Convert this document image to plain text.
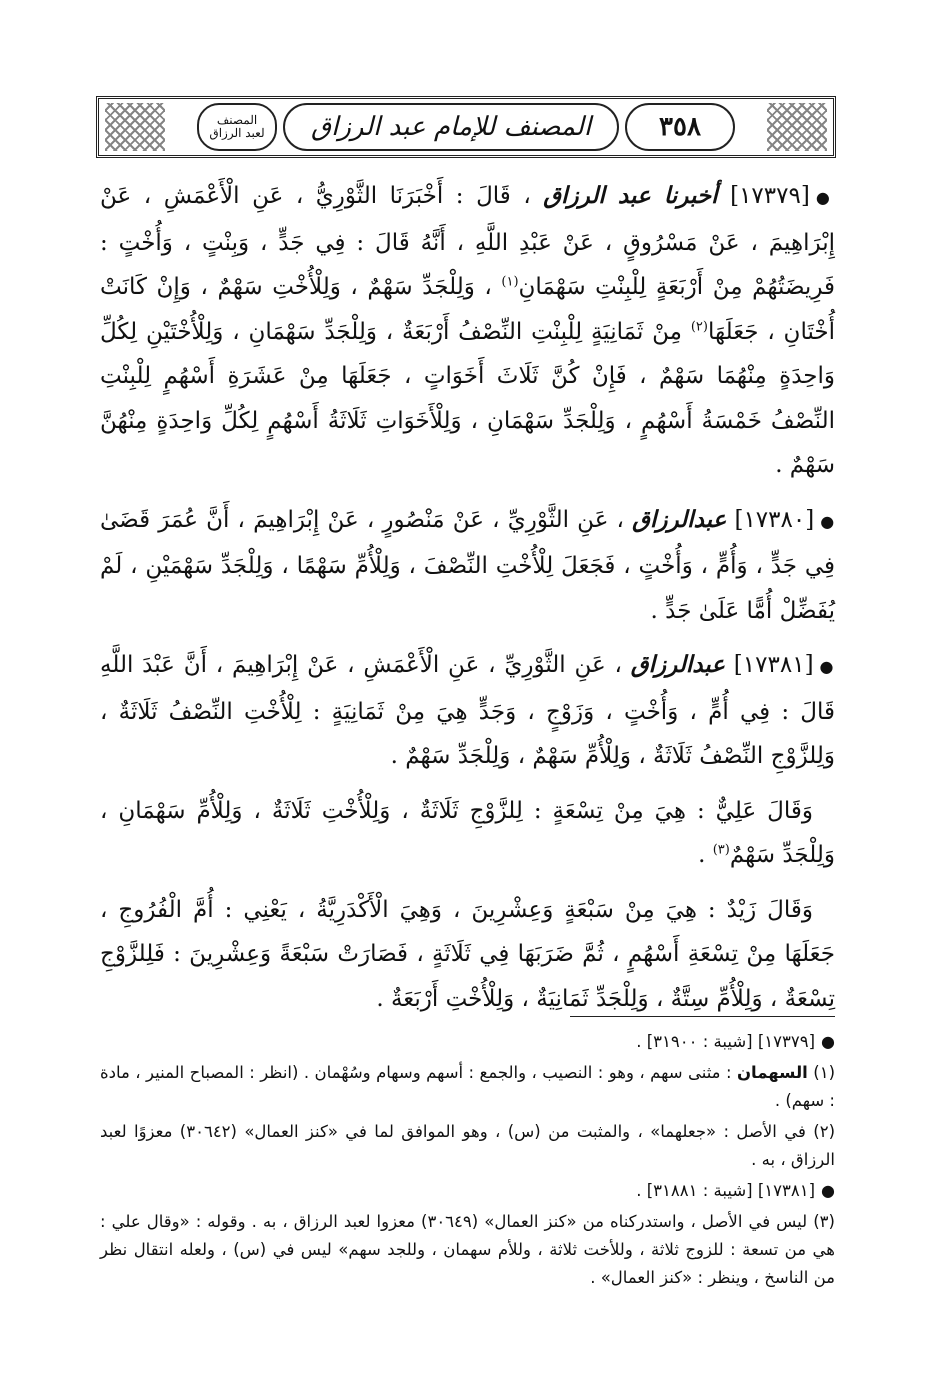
المصنف
لعبد الرزاق المصنف للإمام عبد الرزاق	٣٥٨

●[١٧٣٧٩] أخبرنا عبد الرزاق ، قَالَ : أَخْبَرَنَا الثَّوْرِيُّ ، عَنِ الْأَعْمَشِ ، عَنْ إِبْرَاهِيمَ ، عَنْ مَسْرُوقٍ ، عَنْ عَبْدِ اللَّهِ ، أَنَّهُ قَالَ : فِي جَدٍّ ، وَبِنْتٍ ، وَأُخْتٍ : فَرِيضَتُهُمْ مِنْ أَرْبَعَةٍ لِلْبِنْتِ سَهْمَانِ$^{(١)}$ ، وَلِلْجَدِّ سَهْمٌ ، وَلِلْأُخْتِ سَهْمٌ ، وَإِنْ كَانَتْ أُخْتَانِ ، جَعَلَهَا$^{(٢)}$ مِنْ ثَمَانِيَةٍ لِلْبِنْتِ النِّصْفُ أَرْبَعَةٌ ، وَلِلْجَدِّ سَهْمَانِ ، وَلِلْأُخْتَيْنِ لِكُلِّ وَاحِدَةٍ مِنْهُمَا سَهْمٌ ، فَإِنْ كُنَّ ثَلَاثَ أَخَوَاتٍ ، جَعَلَهَا مِنْ عَشَرَةِ أَسْهُمٍ لِلْبِنْتِ النِّصْفُ خَمْسَةُ أَسْهُمٍ ، وَلِلْجَدِّ سَهْمَانِ ، وَلِلْأَخَوَاتِ ثَلَاثَةُ أَسْهُمٍ لِكُلِّ وَاحِدَةٍ مِنْهُنَّ سَهْمٌ .

●[١٧٣٨٠] عبدالرزاق ، عَنِ الثَّوْرِيِّ ، عَنْ مَنْصُورٍ ، عَنْ إِبْرَاهِيمَ ، أَنَّ عُمَرَ قَضَىٰ فِي جَدٍّ ، وَأُمٍّ ، وَأُخْتٍ ، فَجَعَلَ لِلْأُخْتِ النِّصْفَ ، وَلِلْأُمِّ سَهْمًا ، وَلِلْجَدِّ سَهْمَيْنِ ، لَمْ يُفَضِّلْ أُمًّا عَلَىٰ جَدٍّ .

●[١٧٣٨١] عبدالرزاق ، عَنِ الثَّوْرِيِّ ، عَنِ الْأَعْمَشِ ، عَنْ إِبْرَاهِيمَ ، أَنَّ عَبْدَ اللَّهِ قَالَ : فِي أُمٍّ ، وَأُخْتٍ ، وَزَوْجٍ ، وَجَدٍّ هِيَ مِنْ ثَمَانِيَةٍ : لِلْأُخْتِ النِّصْفُ ثَلَاثَةٌ ، وَلِلزَّوْجِ النِّصْفُ ثَلَاثَةٌ ، وَلِلْأُمِّ سَهْمٌ ، وَلِلْجَدِّ سَهْمٌ .

وَقَالَ عَلِيٌّ : هِيَ مِنْ تِسْعَةٍ : لِلزَّوْجِ ثَلَاثَةٌ ، وَلِلْأُخْتِ ثَلَاثَةٌ ، وَلِلْأُمِّ سَهْمَانِ ، وَلِلْجَدِّ سَهْمٌ$^{(٣)}$ .

وَقَالَ زَيْدٌ : هِيَ مِنْ سَبْعَةٍ وَعِشْرِينَ ، وَهِيَ الْأَكْدَرِيَّةُ ، يَعْنِي : أُمَّ الْفُرُوجِ ، جَعَلَهَا مِنْ تِسْعَةِ أَسْهُمٍ ، ثُمَّ ضَرَبَهَا فِي ثَلَاثَةٍ ، فَصَارَتْ سَبْعَةً وَعِشْرِينَ : فَلِلزَّوْجِ تِسْعَةٌ ، وَلِلْأُمِّ سِتَّةٌ ، وَلِلْجَدِّ ثَمَانِيَةٌ ، وَلِلْأُخْتِ أَرْبَعَةٌ .

●[١٧٣٧٩] [شيبة : ٣١٩٠٠] .

(١) السهمان : مثنى سهم ، وهو : النصيب ، والجمع : أسهم وسهام وسُهْمان . (انظر : المصباح المنير ، مادة : سهم) .

(٢) في الأصل : «جعلهما» ، والمثبت من (س) ، وهو الموافق لما في «كنز العمال» (٣٠٦٤٢) معزوًا لعبد الرزاق ، به .

●[١٧٣٨١] [شيبة : ٣١٨٨١] .

(٣) ليس في الأصل ، واستدركناه من «كنز العمال» (٣٠٦٤٩) معزوا لعبد الرزاق ، به . وقوله : «وقال علي : هي من تسعة : للزوج ثلاثة ، وللأخت ثلاثة ، وللأم سهمان ، وللجد سهم» ليس في (س) ، ولعله انتقال نظر من الناسخ ، وينظر : «كنز العمال» .
